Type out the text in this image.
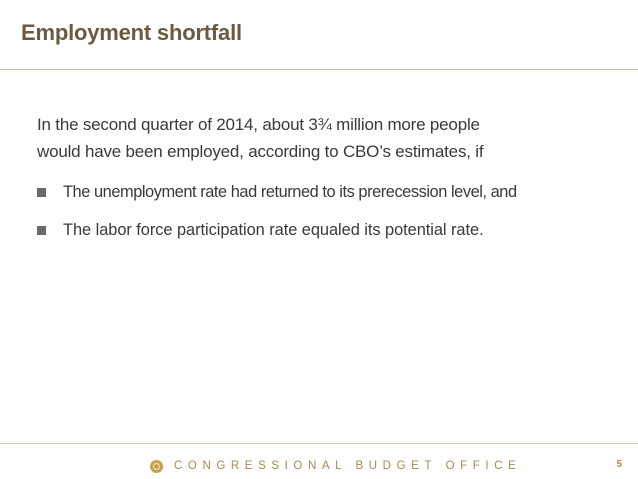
Employment shortfall

In the second quarter of 2014, about 3¾ million more people
would have been employed, according to CBO’s estimates, if

The unemployment rate had returned to its prerecession level, and
The labor force participation rate equaled its potential rate.
CONGRESSIONAL BUDGET OFFICE	5
